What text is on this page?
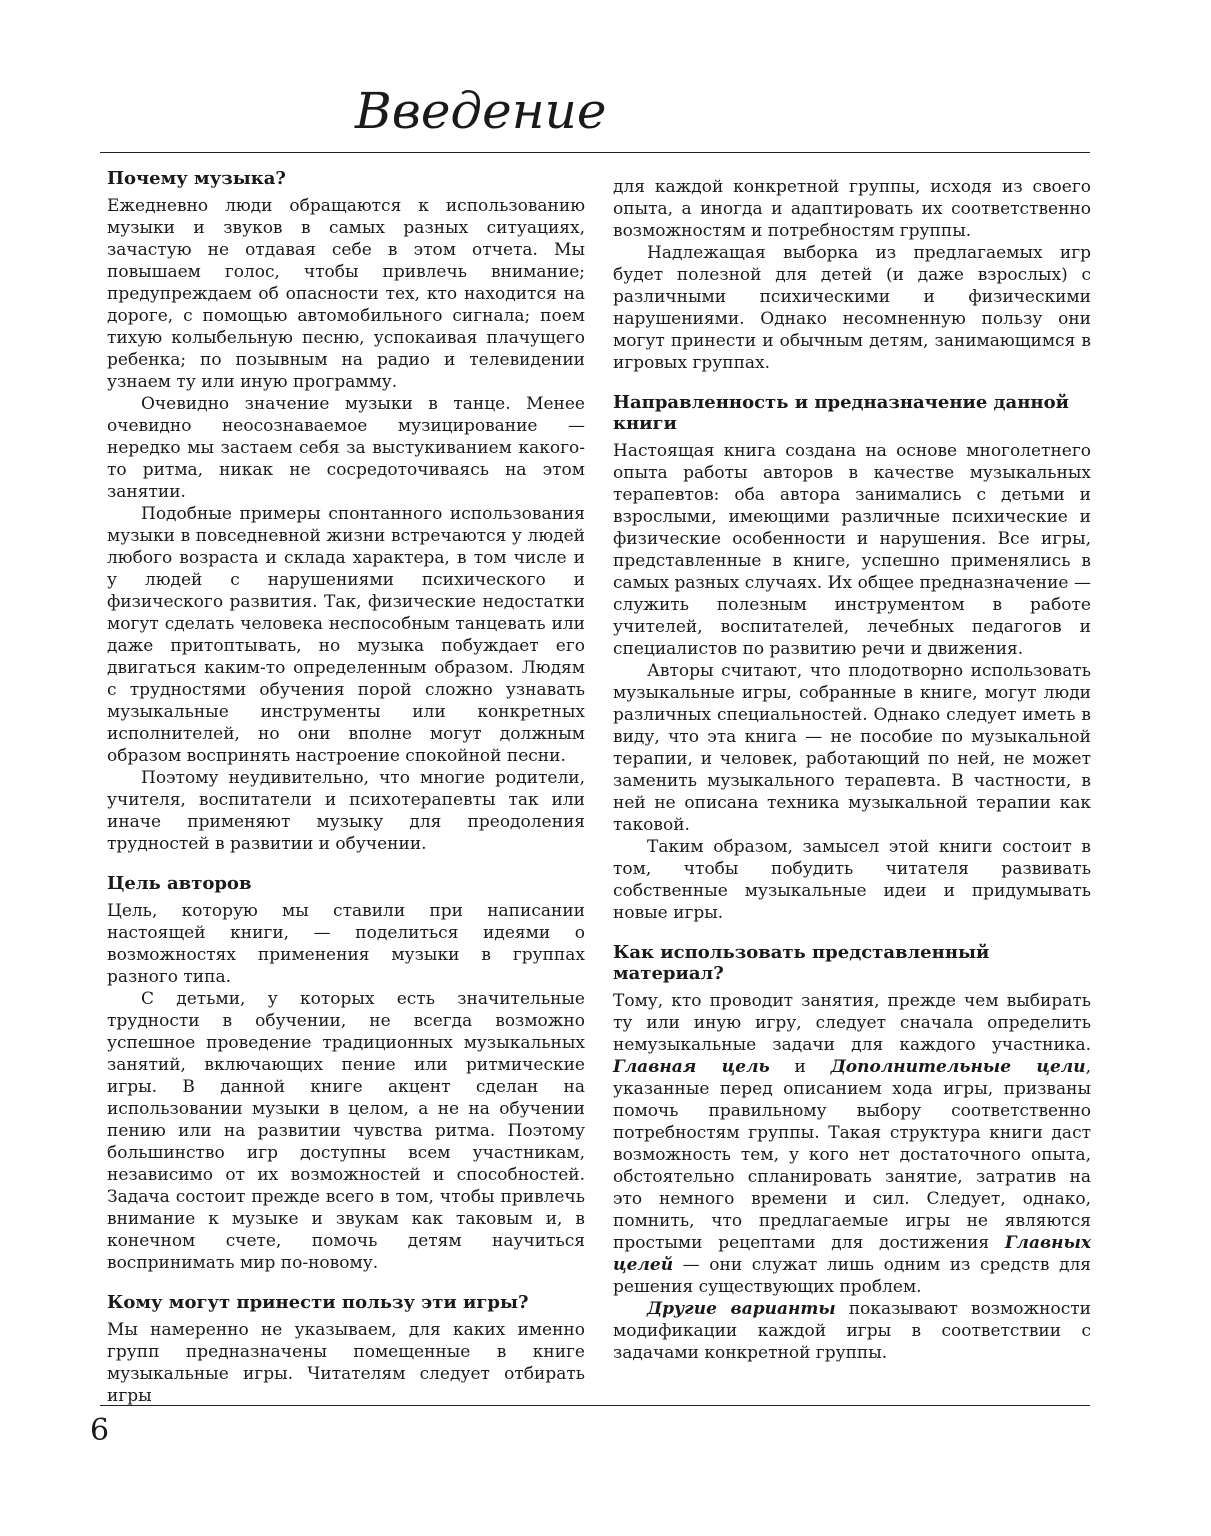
Введение
Почему музыка?

Ежедневно люди обращаются к использованию музыки и звуков в самых разных ситуациях, зачастую не отдавая себе в этом отчета. Мы повышаем голос, чтобы привлечь внимание; предупреждаем об опасности тех, кто находится на дороге, с помощью автомобильного сигнала; поем тихую колыбельную песню, успокаивая плачущего ребенка; по позывным на радио и телевидении узнаем ту или иную программу.

Очевидно значение музыки в танце. Менее очевидно неосознаваемое музицирование — нередко мы застаем себя за выстукиванием какого-то ритма, никак не сосредоточиваясь на этом занятии.

Подобные примеры спонтанного использования музыки в повседневной жизни встречаются у людей любого возраста и склада характера, в том числе и у людей с нарушениями психического и физического развития. Так, физические недостатки могут сделать человека неспособным танцевать или даже притоптывать, но музыка побуждает его двигаться каким-то определенным образом. Людям с трудностями обучения порой сложно узнавать музыкальные инструменты или конкретных исполнителей, но они вполне могут должным образом воспринять настроение спокойной песни.

Поэтому неудивительно, что многие родители, учителя, воспитатели и психотерапевты так или иначе применяют музыку для преодоления трудностей в развитии и обучении.

Цель авторов

Цель, которую мы ставили при написании настоящей книги, — поделиться идеями о возможностях применения музыки в группах разного типа.

С детьми, у которых есть значительные трудности в обучении, не всегда возможно успешное проведение традиционных музыкальных занятий, включающих пение или ритмические игры. В данной книге акцент сделан на использовании музыки в целом, а не на обучении пению или на развитии чувства ритма. Поэтому большинство игр доступны всем участникам, независимо от их возможностей и способностей. Задача состоит прежде всего в том, чтобы привлечь внимание к музыке и звукам как таковым и, в конечном счете, помочь детям научиться воспринимать мир по-новому.

Кому могут принести пользу эти игры?

Мы намеренно не указываем, для каких именно групп предназначены помещенные в книге музыкальные игры. Читателям следует отбирать игры

для каждой конкретной группы, исходя из своего опыта, а иногда и адаптировать их соответственно возможностям и потребностям группы.

Надлежащая выборка из предлагаемых игр будет полезной для детей (и даже взрослых) с различными психическими и физическими нарушениями. Однако несомненную пользу они могут принести и обычным детям, занимающимся в игровых группах.

Направленность и предназначение данной книги

Настоящая книга создана на основе многолетнего опыта работы авторов в качестве музыкальных терапевтов: оба автора занимались с детьми и взрослыми, имеющими различные психические и физические особенности и нарушения. Все игры, представленные в книге, успешно применялись в самых разных случаях. Их общее предназначение — служить полезным инструментом в работе учителей, воспитателей, лечебных педагогов и специалистов по развитию речи и движения.

Авторы считают, что плодотворно использовать музыкальные игры, собранные в книге, могут люди различных специальностей. Однако следует иметь в виду, что эта книга — не пособие по музыкальной терапии, и человек, работающий по ней, не может заменить музыкального терапевта. В частности, в ней не описана техника музыкальной терапии как таковой.

Таким образом, замысел этой книги состоит в том, чтобы побудить читателя развивать собственные музыкальные идеи и придумывать новые игры.

Как использовать представленный материал?

Тому, кто проводит занятия, прежде чем выбирать ту или иную игру, следует сначала определить немузыкальные задачи для каждого участника. Главная цель и Дополнительные цели, указанные перед описанием хода игры, призваны помочь правильному выбору соответственно потребностям группы. Такая структура книги даст возможность тем, у кого нет достаточного опыта, обстоятельно спланировать занятие, затратив на это немного времени и сил. Следует, однако, помнить, что предлагаемые игры не являются простыми рецептами для достижения Главных целей — они служат лишь одним из средств для решения существующих проблем.

Другие варианты показывают возможности модификации каждой игры в соответствии с задачами конкретной группы.

6
